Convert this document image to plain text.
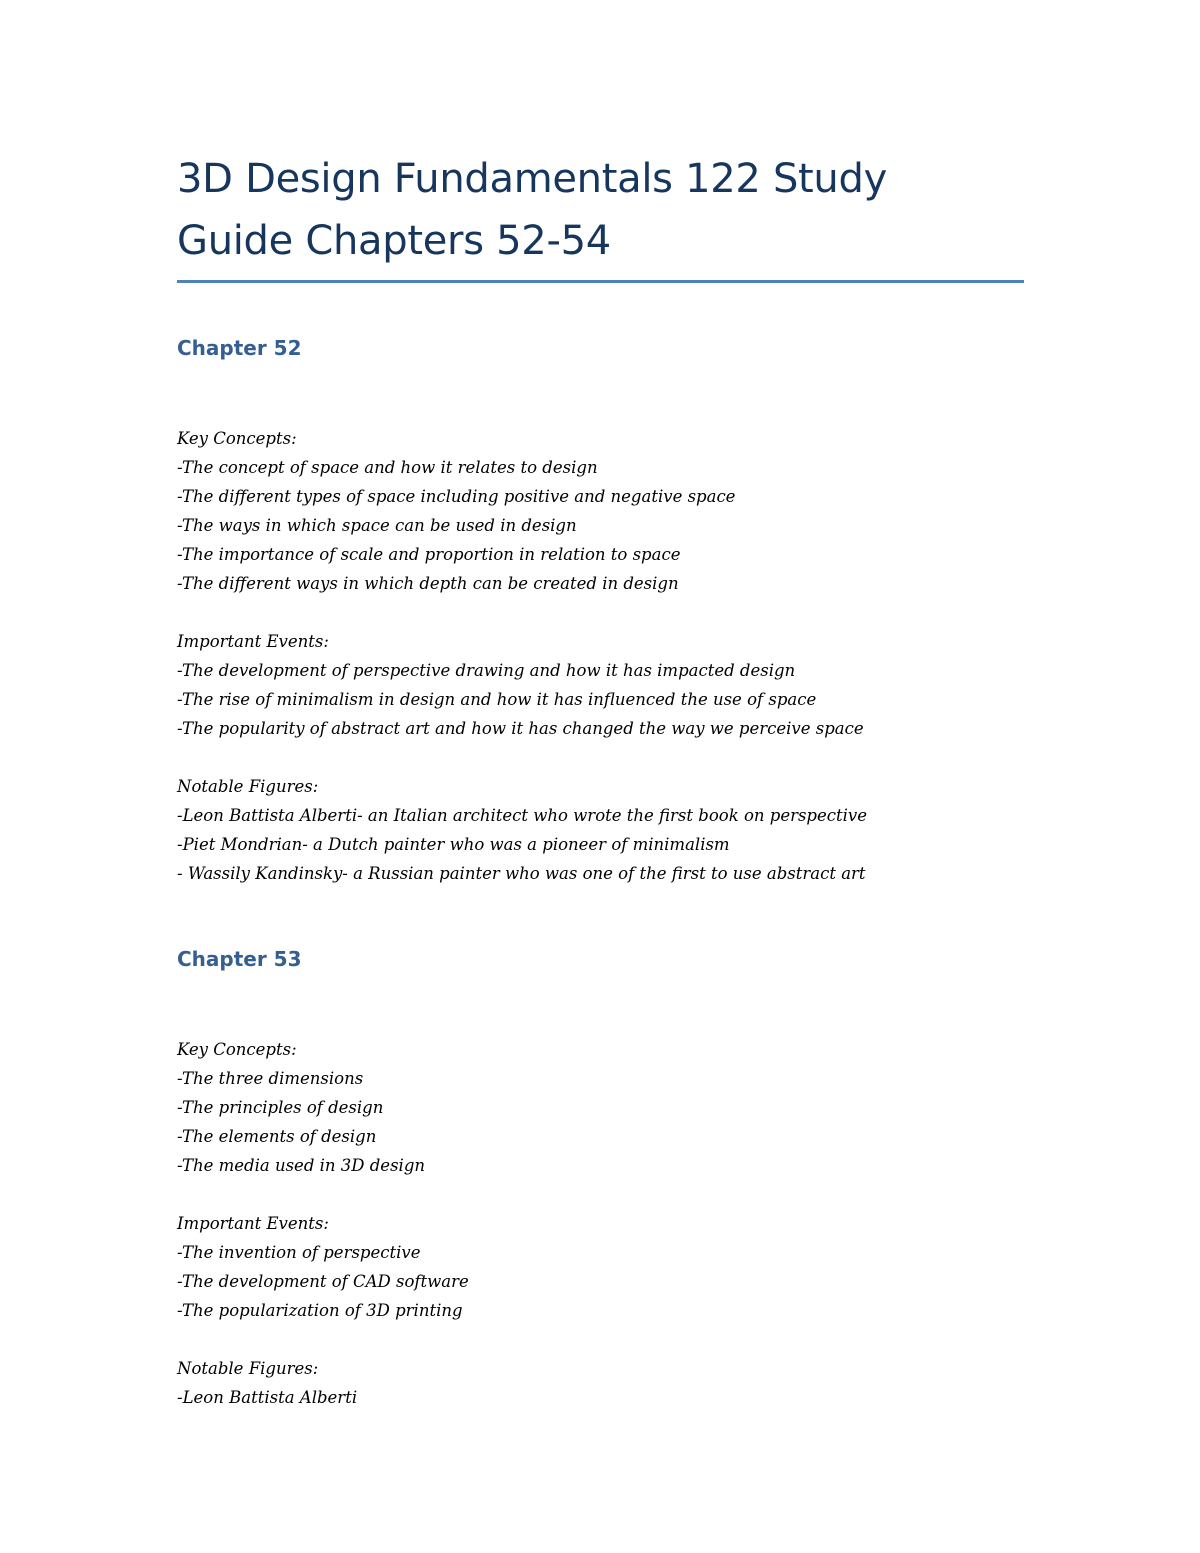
3D Design Fundamentals 122 Study
Guide Chapters 52-54
Chapter 52
Key Concepts:
-The concept of space and how it relates to design
-The different types of space including positive and negative space
-The ways in which space can be used in design
-The importance of scale and proportion in relation to space
-The different ways in which depth can be created in design
Important Events:
-The development of perspective drawing and how it has impacted design
-The rise of minimalism in design and how it has influenced the use of space
-The popularity of abstract art and how it has changed the way we perceive space
Notable Figures:
-Leon Battista Alberti- an Italian architect who wrote the first book on perspective
-Piet Mondrian- a Dutch painter who was a pioneer of minimalism
- Wassily Kandinsky- a Russian painter who was one of the first to use abstract art
Chapter 53
Key Concepts:
-The three dimensions
-The principles of design
-The elements of design
-The media used in 3D design
Important Events:
-The invention of perspective
-The development of CAD software
-The popularization of 3D printing
Notable Figures:
-Leon Battista Alberti
